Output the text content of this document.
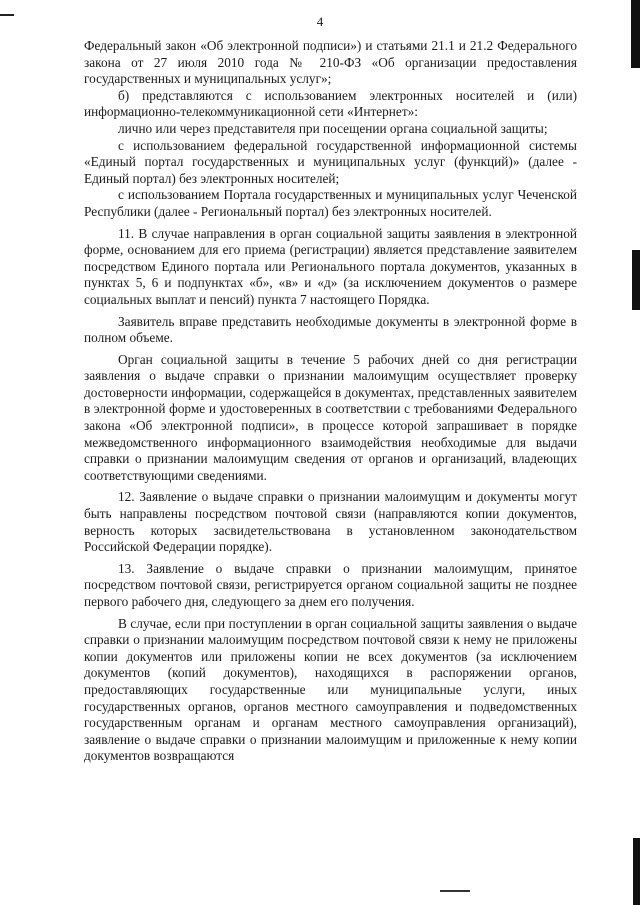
4

Федеральный закон «Об электронной подписи») и статьями 21.1 и 21.2 Федерального закона от 27 июля 2010 года № 210-ФЗ «Об организации предоставления государственных и муниципальных услуг»;

б) представляются с использованием электронных носителей и (или) информационно-телекоммуникационной сети «Интернет»:

лично или через представителя при посещении органа социальной защиты;

с использованием федеральной государственной информационной системы «Единый портал государственных и муниципальных услуг (функций)» (далее - Единый портал) без электронных носителей;

с использованием Портала государственных и муниципальных услуг Чеченской Республики (далее - Региональный портал) без электронных носителей.

11. В случае направления в орган социальной защиты заявления в электронной форме, основанием для его приема (регистрации) является представление заявителем посредством Единого портала или Регионального портала документов, указанных в пунктах 5, 6 и подпунктах «б», «в» и «д» (за исключением документов о размере социальных выплат и пенсий) пункта 7 настоящего Порядка.

Заявитель вправе представить необходимые документы в электронной форме в полном объеме.

Орган социальной защиты в течение 5 рабочих дней со дня регистрации заявления о выдаче справки о признании малоимущим осуществляет проверку достоверности информации, содержащейся в документах, представленных заявителем в электронной форме и удостоверенных в соответствии с требованиями Федерального закона «Об электронной подписи», в процессе которой запрашивает в порядке межведомственного информационного взаимодействия необходимые для выдачи справки о признании малоимущим сведения от органов и организаций, владеющих соответствующими сведениями.

12. Заявление о выдаче справки о признании малоимущим и документы могут быть направлены посредством почтовой связи (направляются копии документов, верность которых засвидетельствована в установленном законодательством Российской Федерации порядке).

13. Заявление о выдаче справки о признании малоимущим, принятое посредством почтовой связи, регистрируется органом социальной защиты не позднее первого рабочего дня, следующего за днем его получения.

В случае, если при поступлении в орган социальной защиты заявления о выдаче справки о признании малоимущим посредством почтовой связи к нему не приложены копии документов или приложены копии не всех документов (за исключением документов (копий документов), находящихся в распоряжении органов, предоставляющих государственные или муниципальные услуги, иных государственных органов, органов местного самоуправления и подведомственных государственным органам и органам местного самоуправления организаций), заявление о выдаче справки о признании малоимущим и приложенные к нему копии документов возвращаются
